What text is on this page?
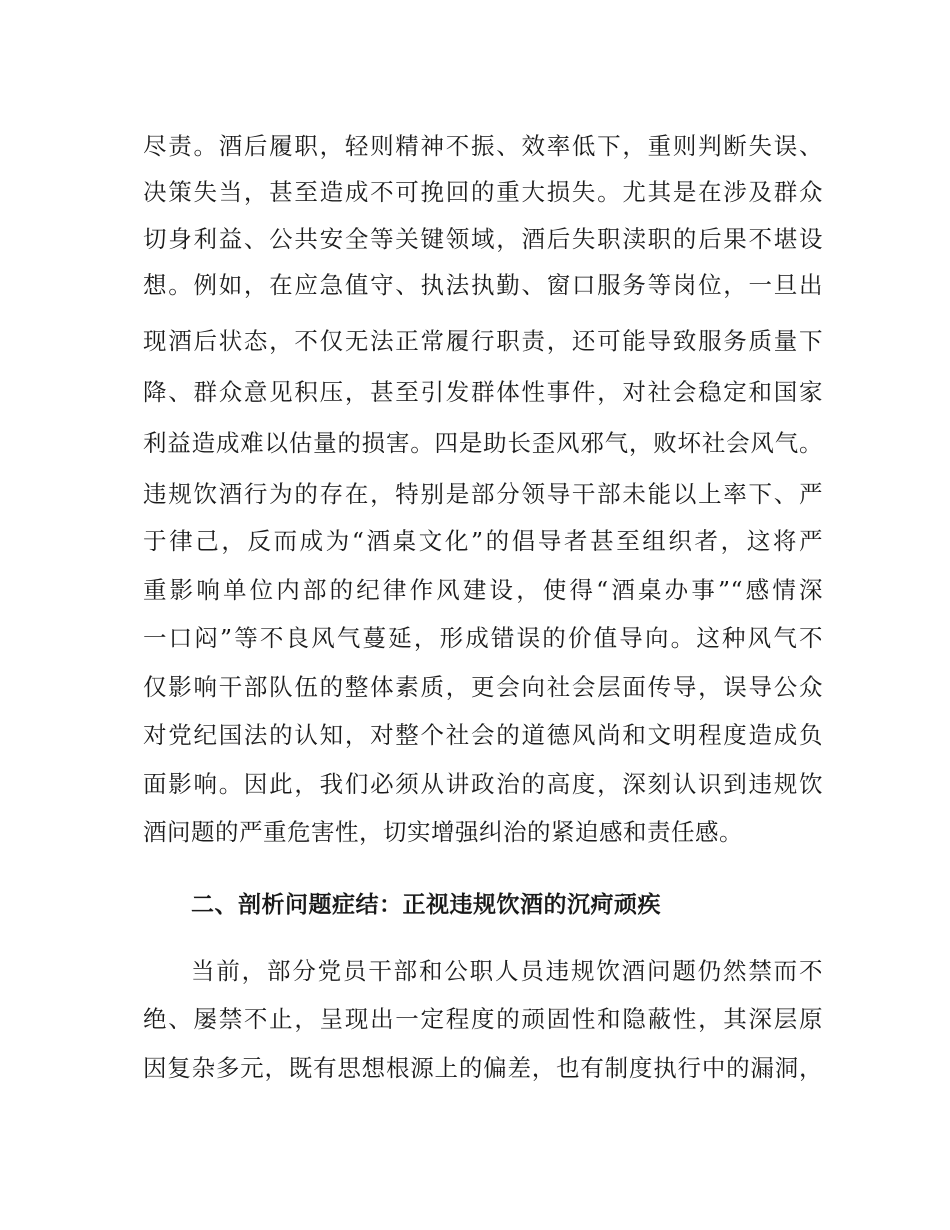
尽责。酒后履职，轻则精神不振、效率低下，重则判断失误、
决策失当，甚至造成不可挽回的重大损失。尤其是在涉及群众
切身利益、公共安全等关键领域，酒后失职渎职的后果不堪设
想。例如，在应急值守、执法执勤、窗口服务等岗位，一旦出
现酒后状态，不仅无法正常履行职责，还可能导致服务质量下
降、群众意见积压，甚至引发群体性事件，对社会稳定和国家
利益造成难以估量的损害。四是助长歪风邪气，败坏社会风气。
违规饮酒行为的存在，特别是部分领导干部未能以上率下、严
于律己，反而成为“酒桌文化”的倡导者甚至组织者，这将严
重影响单位内部的纪律作风建设，使得“酒桌办事”“感情深
一口闷”等不良风气蔓延，形成错误的价值导向。这种风气不
仅影响干部队伍的整体素质，更会向社会层面传导，误导公众
对党纪国法的认知，对整个社会的道德风尚和文明程度造成负
面影响。因此，我们必须从讲政治的高度，深刻认识到违规饮
酒问题的严重危害性，切实增强纠治的紧迫感和责任感。
二、剖析问题症结：正视违规饮酒的沉疴顽疾
当前，部分党员干部和公职人员违规饮酒问题仍然禁而不
绝、屡禁不止，呈现出一定程度的顽固性和隐蔽性，其深层原
因复杂多元，既有思想根源上的偏差，也有制度执行中的漏洞，
